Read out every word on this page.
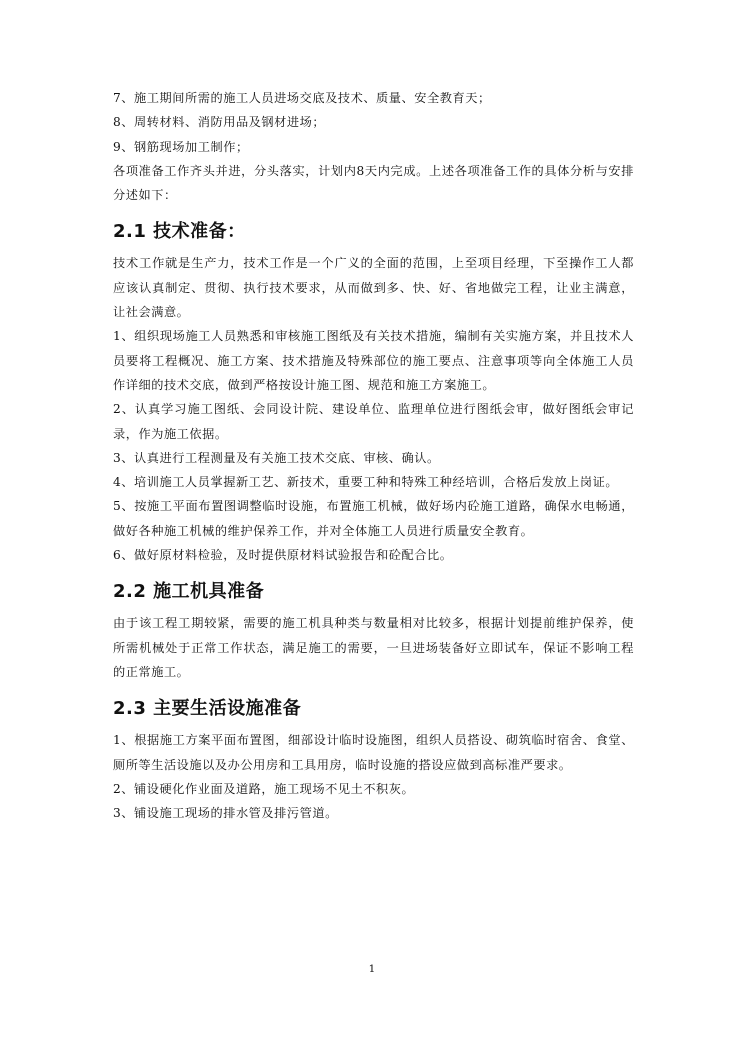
7、施工期间所需的施工人员进场交底及技术、质量、安全教育天；

8、周转材料、消防用品及钢材进场；

9、钢筋现场加工制作；

各项准备工作齐头并进，分头落实，计划内8天内完成。上述各项准备工作的具体分析与安排分述如下：

2.1 技术准备：

技术工作就是生产力，技术工作是一个广义的全面的范围，上至项目经理，下至操作工人都应该认真制定、贯彻、执行技术要求，从而做到多、快、好、省地做完工程，让业主满意，让社会满意。

1、组织现场施工人员熟悉和审核施工图纸及有关技术措施，编制有关实施方案，并且技术人员要将工程概况、施工方案、技术措施及特殊部位的施工要点、注意事项等向全体施工人员作详细的技术交底，做到严格按设计施工图、规范和施工方案施工。

2、认真学习施工图纸、会同设计院、建设单位、监理单位进行图纸会审，做好图纸会审记录，作为施工依据。

3、认真进行工程测量及有关施工技术交底、审核、确认。

4、培训施工人员掌握新工艺、新技术，重要工种和特殊工种经培训，合格后发放上岗证。

5、按施工平面布置图调整临时设施，布置施工机械，做好场内砼施工道路，确保水电畅通，做好各种施工机械的维护保养工作，并对全体施工人员进行质量安全教育。

6、做好原材料检验，及时提供原材料试验报告和砼配合比。

2.2 施工机具准备

由于该工程工期较紧，需要的施工机具种类与数量相对比较多，根据计划提前维护保养，使所需机械处于正常工作状态，满足施工的需要，一旦进场装备好立即试车，保证不影响工程的正常施工。

2.3 主要生活设施准备

1、根据施工方案平面布置图，细部设计临时设施图，组织人员搭设、砌筑临时宿舍、食堂、厕所等生活设施以及办公用房和工具用房，临时设施的搭设应做到高标准严要求。

2、铺设硬化作业面及道路，施工现场不见土不积灰。

3、铺设施工现场的排水管及排污管道。

1
